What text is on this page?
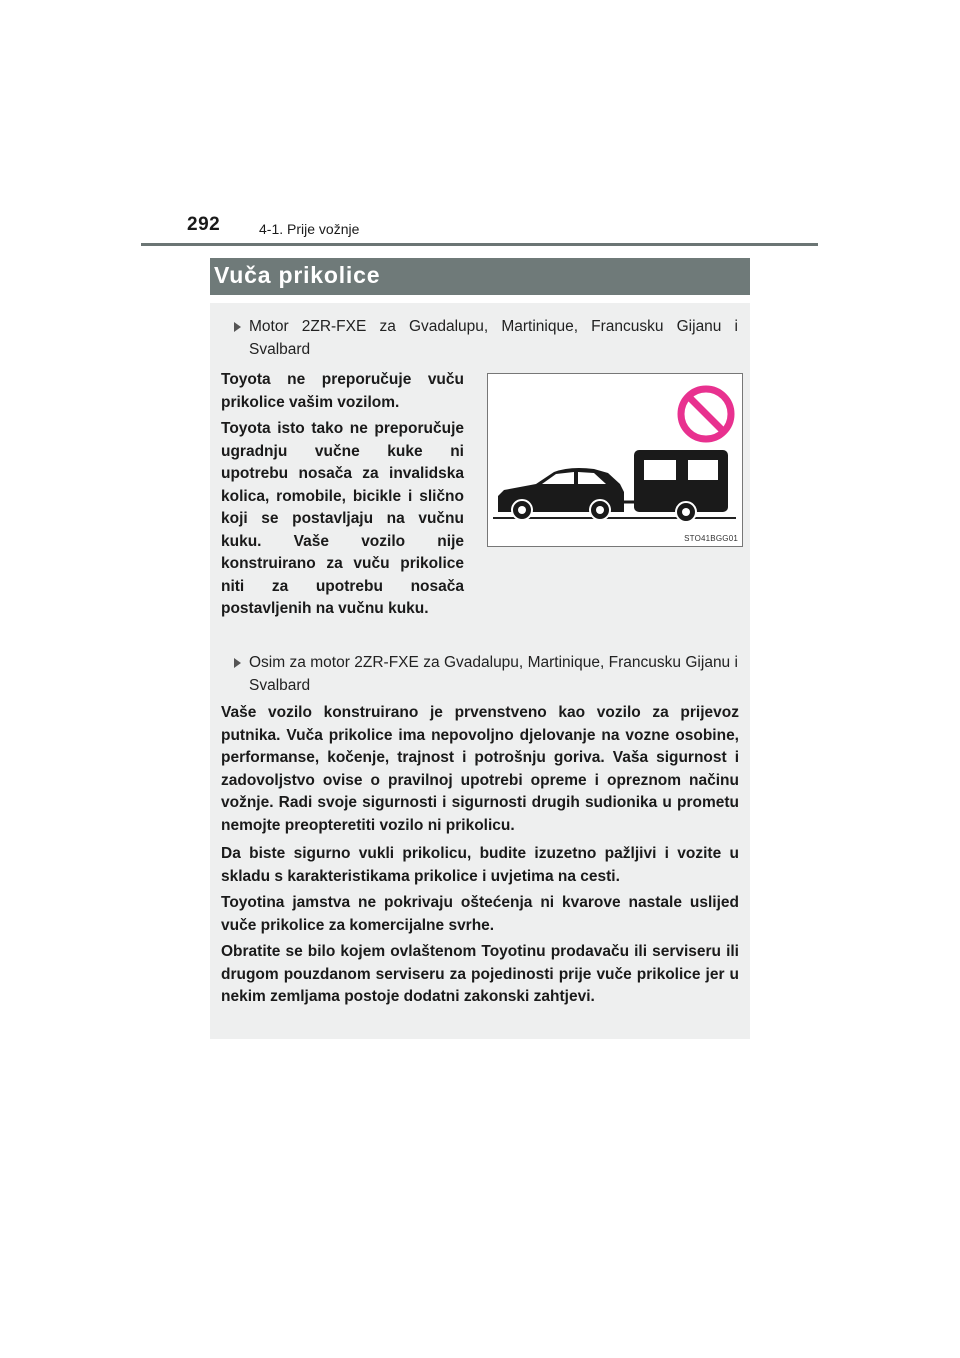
292	4-1. Prije vožnje
Vuča prikolice
Motor 2ZR-FXE za Gvadalupu, Martinique, Francusku Gijanu i Svalbard
Toyota ne preporučuje vuču prikolice vašim vozilom.
Toyota isto tako ne preporučuje ugradnju vučne kuke ni upotrebu nosača za invalidska kolica, romobile, bicikle i slično koji se postavljaju na vučnu kuku. Vaše vozilo nije konstruirano za vuču prikolice niti za upotrebu nosača postavljenih na vučnu kuku.
Osim za motor 2ZR-FXE za Gvadalupu, Martinique, Francusku Gijanu i Svalbard
Vaše vozilo konstruirano je prvenstveno kao vozilo za prijevoz putnika. Vuča prikolice ima nepovoljno djelovanje na vozne osobine, performanse, kočenje, trajnost i potrošnju goriva. Vaša sigurnost i zadovoljstvo ovise o pravilnoj upotrebi opreme i opreznom načinu vožnje. Radi svoje sigurnosti i sigurnosti drugih sudionika u prometu nemojte preopteretiti vozilo ni prikolicu.
Da biste sigurno vukli prikolicu, budite izuzetno pažljivi i vozite u skladu s karakteristikama prikolice i uvjetima na cesti.
Toyotina jamstva ne pokrivaju oštećenja ni kvarove nastale uslijed vuče prikolice za komercijalne svrhe.
Obratite se bilo kojem ovlaštenom Toyotinu prodavaču ili serviseru ili drugom pouzdanom serviseru za pojedinosti prije vuče prikolice jer u nekim zemljama postoje dodatni zakonski zahtjevi.
STO41BGG01
